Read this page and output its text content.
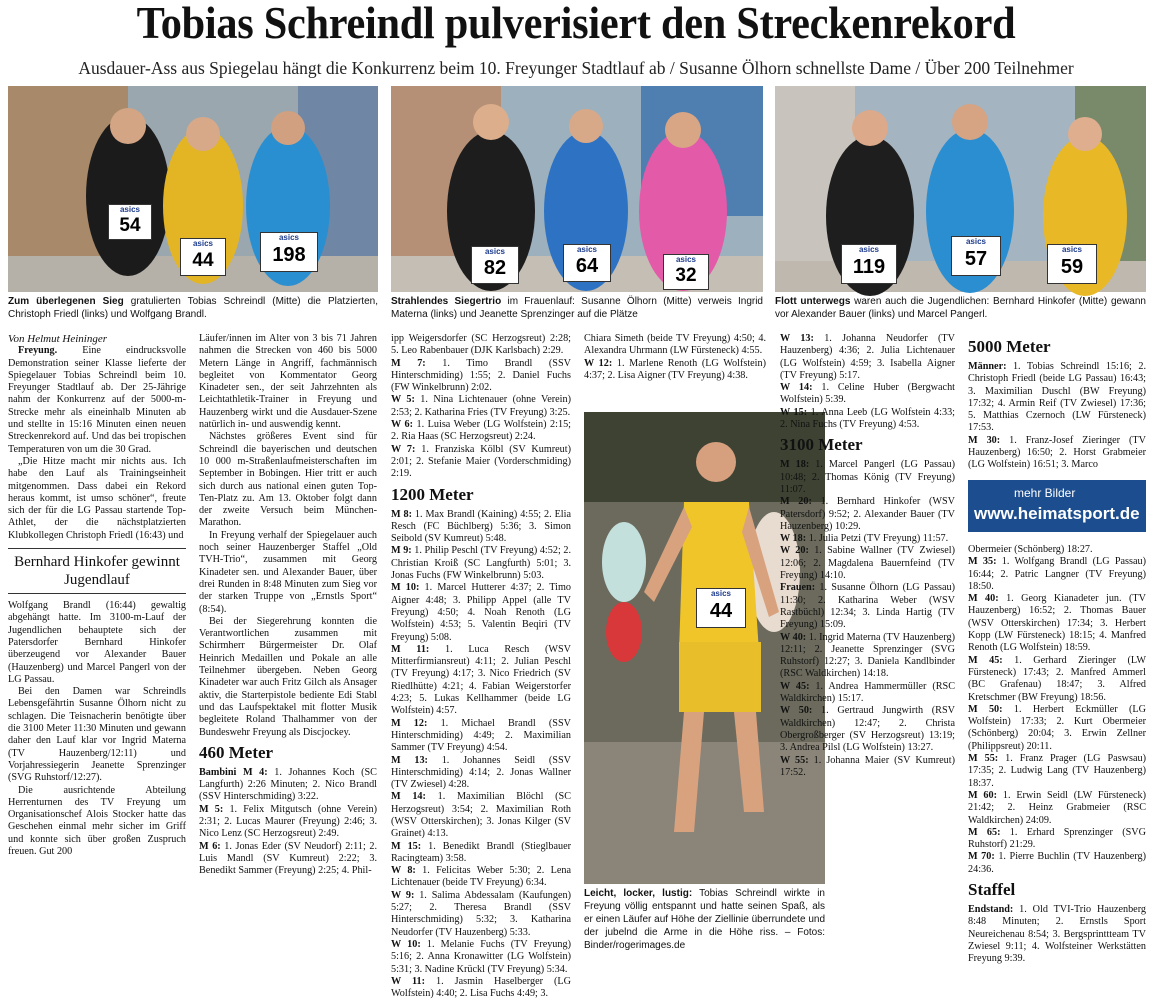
Tobias Schreindl pulverisiert den Streckenrekord
Ausdauer-Ass aus Spiegelau hängt die Konkurrenz beim 10. Freyunger Stadtlauf ab / Susanne Ölhorn schnellste Dame / Über 200 Teilnehmer
asics
54
asics
44
asics
198
Zum überlegenen Sieg gratulierten Tobias Schreindl (Mitte) die Platzierten, Christoph Friedl (links) und Wolfgang Brandl.
asics
82
asics
64	asics
32
Strahlendes Siegertrio im Frauenlauf: Susanne Ölhorn (Mitte) verweis Ingrid Materna (links) und Jeanette Sprenzinger auf die Plätze
asics
119
asics
57	asics
59
Flott unterwegs waren auch die Jugendlichen: Bernhard Hinkofer (Mitte) gewann vor Alexander Bauer (links) und Marcel Pangerl.
asics
44
Leicht, locker, lustig: Tobias Schreindl wirkte in Freyung völlig entspannt und hatte seinen Spaß, als er einen Läufer auf Höhe der Ziellinie überrundete und der jubelnd die Arme in die Höhe riss. – Fotos: Binder/rogerimages.de

Von Helmut Heininger

Freyung. Eine eindrucksvolle Demonstration seiner Klasse lieferte der Spiegelauer Tobias Schreindl beim 10. Freyunger Stadtlauf ab. Der 25-Jährige nahm der Konkurrenz auf der 5000-m-Strecke mehr als eineinhalb Minuten ab und stellte in 15:16 Minuten einen neuen Streckenrekord auf. Und das bei tropischen Temperaturen von um die 30 Grad.

„Die Hitze macht mir nichts aus. Ich habe den Lauf als Trainingseinheit mitgenommen. Dass dabei ein Rekord heraus kommt, ist umso schöner“, freute sich der für die LG Passau startende Top-Athlet, der die nächstplatzierten Klubkollegen Christoph Friedl (16:43) und

Bernhard Hinkofer gewinnt Jugendlauf

Wolfgang Brandl (16:44) gewaltig abgehängt hatte. Im 3100-m-Lauf der Jugendlichen behauptete sich der Patersdorfer Bernhard Hinkofer überzeugend vor Alexander Bauer (Hauzenberg) und Marcel Pangerl von der LG Passau.

Bei den Damen war Schreindls Lebensgefährtin Susanne Ölhorn nicht zu schlagen. Die Teisnacherin benötigte über die 3100 Meter 11:30 Minuten und gewann daher den Lauf klar vor Ingrid Materna (TV Hauzenberg/12:11) und Vorjahressiegerin Jeanette Sprenzinger (SVG Ruhstorf/12:27).

Die ausrichtende Abteilung Herrenturnen des TV Freyung um Organisationschef Alois Stocker hatte das Geschehen einmal mehr sicher im Griff und konnte sich über großen Zuspruch freuen. Gut 200

Läufer/innen im Alter von 3 bis 71 Jahren nahmen die Strecken von 460 bis 5000 Metern Länge in Angriff, fachmännisch begleitet von Kommentator Georg Kinadeter sen., der seit Jahrzehnten als Leichtathletik-Trainer in Freyung und Hauzenberg wirkt und die Ausdauer-Szene natürlich in- und auswendig kennt.

Nächstes größeres Event sind für Schreindl die bayerischen und deutschen 10 000 m-Straßenlaufmeisterschaften im September in Bobingen. Hier tritt er auch sich durch aus national einen guten Top-Ten-Platz zu. Am 13. Oktober folgt dann der zweite Versuch beim München-Marathon.

In Freyung verhalf der Spiegelauer auch noch seiner Hauzenberger Staffel „Old TVH-Trio“, zusammen mit Georg Kinadeter sen. und Alexander Bauer, über drei Runden in 8:48 Minuten zum Sieg vor der starken Truppe von „Ernstls Sport“ (8:54).

Bei der Siegerehrung konnten die Verantwortlichen zusammen mit Schirmherr Bürgermeister Dr. Olaf Heinrich Medaillen und Pokale an alle Teilnehmer übergeben. Neben Georg Kinadeter war auch Fritz Gilch als Ansager aktiv, die Starterpistole bediente Edi Stabl und das Laufspektakel mit flotter Musik begleitete Roland Thalhammer von der Bundeswehr Freyung als Discjockey.

460 Meter

Bambini M 4: 1. Johannes Koch (SC Langfurth) 2:26 Minuten; 2. Nico Brandl (SSV Hinterschmiding) 3:22.

M 5: 1. Felix Mitgutsch (ohne Verein) 2:31; 2. Lucas Maurer (Freyung) 2:46; 3. Nico Lenz (SC Herzogsreut) 2:49.

M 6: 1. Jonas Eder (SV Neudorf) 2:11; 2. Luis Mandl (SV Kumreut) 2:22; 3. Benedikt Sammer (Freyung) 2:25; 4. Phil-

ipp Weigersdorfer (SC Herzogsreut) 2:28; 5. Leo Rabenbauer (DJK Karlsbach) 2:29.

M 7: 1. Timo Brandl (SSV Hinterschmiding) 1:55; 2. Daniel Fuchs (FW Winkelbrunn) 2:02.

W 5: 1. Nina Lichtenauer (ohne Verein) 2:53; 2. Katharina Fries (TV Freyung) 3:25.

W 6: 1. Luisa Weber (LG Wolfstein) 2:15; 2. Ria Haas (SC Herzogsreut) 2:24.

W 7: 1. Franziska Kölbl (SV Kumreut) 2:01; 2. Stefanie Maier (Vorderschmiding) 2:19.

1200 Meter

M 8: 1. Max Brandl (Kaining) 4:55; 2. Elia Resch (FC Büchlberg) 5:36; 3. Simon Seibold (SV Kumreut) 5:48.

M 9: 1. Philip Peschl (TV Freyung) 4:52; 2. Christian Kroiß (SC Langfurth) 5:01; 3. Jonas Fuchs (FW Winkelbrunn) 5:03.

M 10: 1. Marcel Hutterer 4:37; 2. Timo Aigner 4:48; 3. Philipp Appel (alle TV Freyung) 4:50; 4. Noah Renoth (LG Wolfstein) 4:53; 5. Valentin Beqiri (TV Freyung) 5:08.

M 11: 1. Luca Resch (WSV Mitterfirmiansreut) 4:11; 2. Julian Peschl (TV Freyung) 4:17; 3. Nico Friedrich (SV Riedlhütte) 4:21; 4. Fabian Weigerstorfer 4:23; 5. Lukas Kellhammer (beide LG Wolfstein) 4:57.

M 12: 1. Michael Brandl (SSV Hinterschmiding) 4:49; 2. Maximilian Sammer (TV Freyung) 4:54.

M 13: 1. Johannes Seidl (SSV Hinterschmiding) 4:14; 2. Jonas Wallner (TV Zwiesel) 4:28.

M 14: 1. Maximilian Blöchl (SC Herzogsreut) 3:54; 2. Maximilian Roth (WSV Otterskirchen); 3. Jonas Kilger (SV Grainet) 4:13.

M 15: 1. Benedikt Brandl (Stieglbauer Racingteam) 3:58.

W 8: 1. Felicitas Weber 5:30; 2. Lena Lichtenauer (beide TV Freyung) 6:34.

W 9: 1. Salima Abdessalam (Kaufungen) 5:27; 2. Theresa Brandl (SSV Hinterschmiding) 5:32; 3. Katharina Neudorfer (TV Hauzenberg) 5:33.

W 10: 1. Melanie Fuchs (TV Freyung) 5:16; 2. Anna Kronawitter (LG Wolfstein) 5:31; 3. Nadine Krückl (TV Freyung) 5:34.

W 11: 1. Jasmin Haselberger (LG Wolfstein) 4:40; 2. Lisa Fuchs 4:49; 3.

Chiara Simeth (beide TV Freyung) 4:50; 4. Alexandra Uhrmann (LW Fürsteneck) 4:55.

W 12: 1. Marlene Renoth (LG Wolfstein) 4:37; 2. Lisa Aigner (TV Freyung) 4:38.

W 13: 1. Johanna Neudorfer (TV Hauzenberg) 4:36; 2. Julia Lichtenauer (LG Wolfstein) 4:59; 3. Isabella Aigner (TV Freyung) 5:17.

W 14: 1. Celine Huber (Bergwacht Wolfstein) 5:39.

W 15: 1. Anna Leeb (LG Wolfstein 4:33; 2. Nina Fuchs (TV Freyung) 4:53.

3100 Meter

M 18: 1. Marcel Pangerl (LG Passau) 10:48; 2. Thomas König (TV Freyung) 11:07.

M 20: 1. Bernhard Hinkofer (WSV Patersdorf) 9:52; 2. Alexander Bauer (TV Hauzenberg) 10:29.

W 18: 1. Julia Petzi (TV Freyung) 11:57.

W 20: 1. Sabine Wallner (TV Zwiesel) 12:06; 2. Magdalena Bauernfeind (TV Freyung) 14:10.

Frauen: 1. Susanne Ölhorn (LG Passau) 11:30; 2. Katharina Weber (WSV Rastbüchl) 12:34; 3. Linda Hartig (TV Freyung) 15:09.

W 40: 1. Ingrid Materna (TV Hauzenberg) 12:11; 2. Jeanette Sprenzinger (SVG Ruhstorf) 12:27; 3. Daniela Kandlbinder (RSC Waldkirchen) 14:18.

W 45: 1. Andrea Hammermüller (RSC Waldkirchen) 15:17.

W 50: 1. Gertraud Jungwirth (RSV Waldkirchen) 12:47; 2. Christa Obergroßberger (SV Herzogsreut) 13:19; 3. Andrea Pilsl (LG Wolfstein) 13:27.

W 55: 1. Johanna Maier (SV Kumreut) 17:52.

5000 Meter

Männer: 1. Tobias Schreindl 15:16; 2. Christoph Friedl (beide LG Passau) 16:43; 3. Maximilian Duschl (BW Freyung) 17:32; 4. Armin Reif (TV Zwiesel) 17:36; 5. Matthias Czernoch (LW Fürsteneck) 17:53.

M 30: 1. Franz-Josef Zieringer (TV Hauzenberg) 16:50; 2. Horst Grabmeier (LG Wolfstein) 16:51; 3. Marco

mehr Bilder
www.heimatsport.de

Obermeier (Schönberg) 18:27.

M 35: 1. Wolfgang Brandl (LG Passau) 16:44; 2. Patric Langner (TV Freyung) 18:50.

M 40: 1. Georg Kianadeter jun. (TV Hauzenberg) 16:52; 2. Thomas Bauer (WSV Otterskirchen) 17:34; 3. Herbert Kopp (LW Fürsteneck) 18:15; 4. Manfred Renoth (LG Wolfstein) 18:59.

M 45: 1. Gerhard Zieringer (LW Fürsteneck) 17:43; 2. Manfred Ammerl (BC Grafenau) 18:47; 3. Alfred Kretschmer (BW Freyung) 18:56.

M 50: 1. Herbert Eckmüller (LG Wolfstein) 17:33; 2. Kurt Obermeier (Schönberg) 20:04; 3. Erwin Zellner (Philippsreut) 20:11.

M 55: 1. Franz Prager (LG Paswsau) 17:35; 2. Ludwig Lang (TV Hauzenberg) 18:37.

M 60: 1. Erwin Seidl (LW Fürsteneck) 21:42; 2. Heinz Grabmeier (RSC Waldkirchen) 24:09.

M 65: 1. Erhard Sprenzinger (SVG Ruhstorf) 21:29.

M 70: 1. Pierre Buchlin (TV Hauzenberg) 24:36.

Staffel

Endstand: 1. Old TVI-Trio Hauzenberg 8:48 Minuten; 2. Ernstls Sport Neureichenau 8:54; 3. Bergsprinttteam TV Zwiesel 9:11; 4. Wolfsteiner Werkstätten Freyung 9:39.
